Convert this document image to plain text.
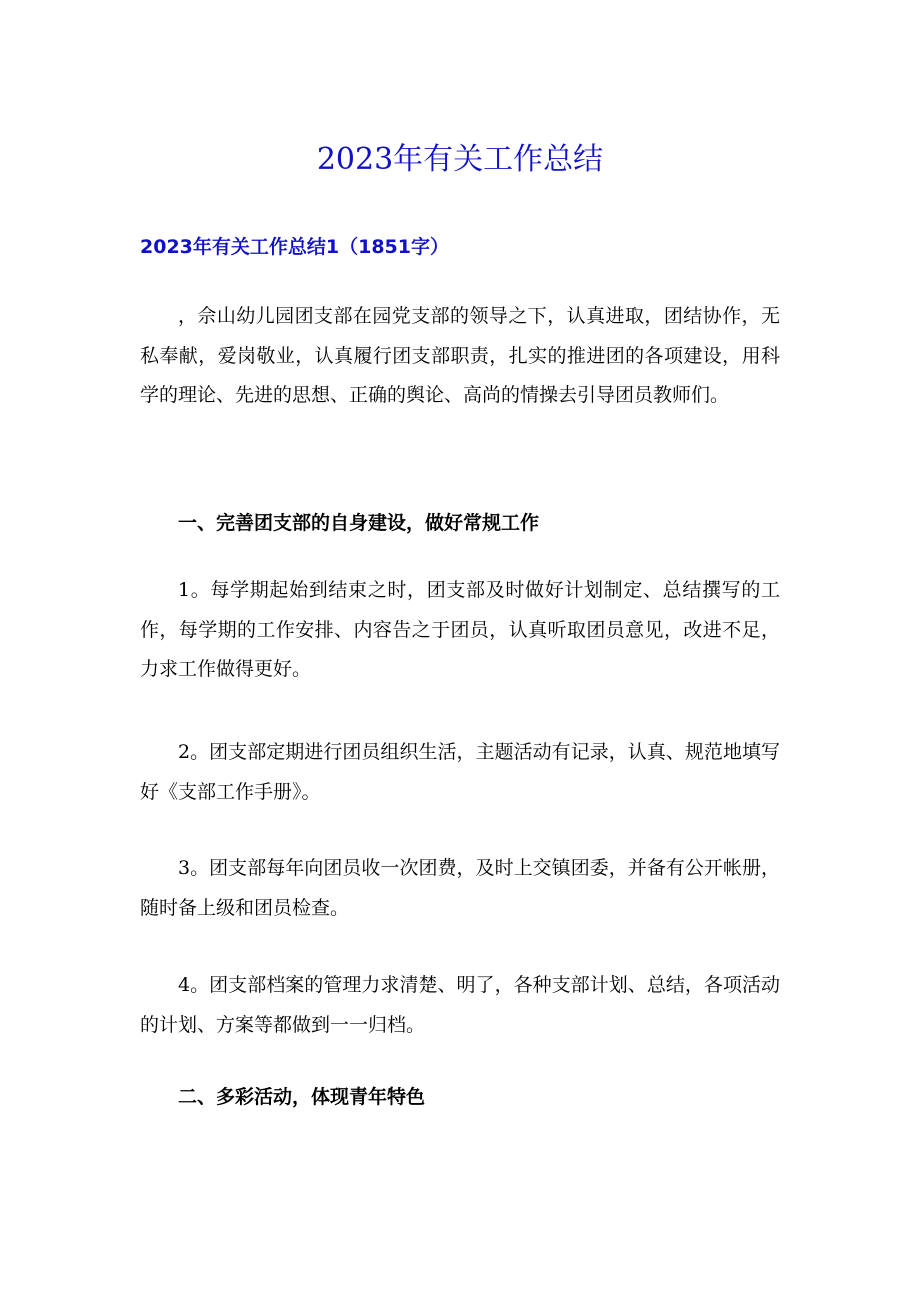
2023年有关工作总结
2023年有关工作总结1（1851字）

，佘山幼儿园团支部在园党支部的领导之下，认真进取，团结协作，无私奉献，爱岗敬业，认真履行团支部职责，扎实的推进团的各项建设，用科学的理论、先进的思想、正确的舆论、高尚的情操去引导团员教师们。

一、完善团支部的自身建设，做好常规工作

1。每学期起始到结束之时，团支部及时做好计划制定、总结撰写的工作，每学期的工作安排、内容告之于团员，认真听取团员意见，改进不足，力求工作做得更好。

2。团支部定期进行团员组织生活，主题活动有记录，认真、规范地填写好《支部工作手册》。

3。团支部每年向团员收一次团费，及时上交镇团委，并备有公开帐册，随时备上级和团员检查。

4。团支部档案的管理力求清楚、明了，各种支部计划、总结，各项活动的计划、方案等都做到一一归档。

二、多彩活动，体现青年特色
